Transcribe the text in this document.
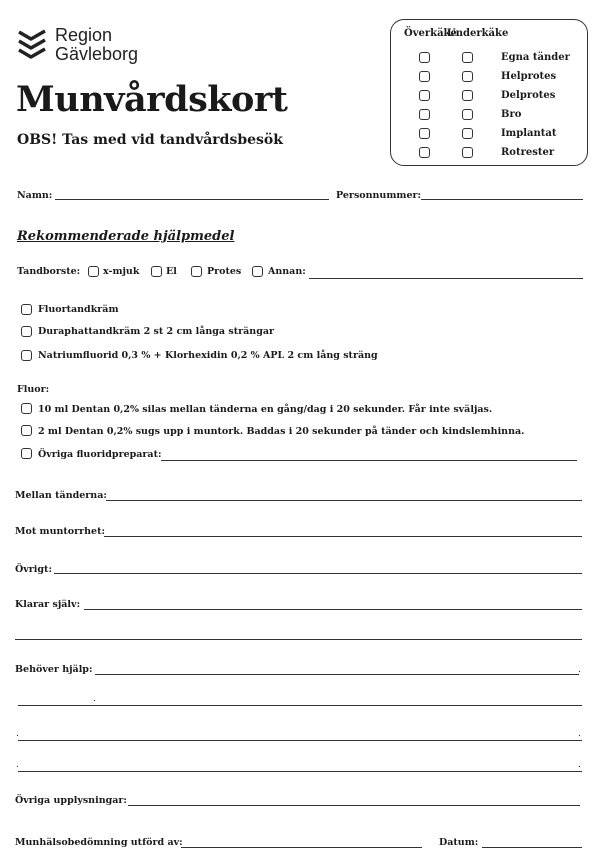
Region
Gävleborg
Munvårdskort
OBS! Tas med vid tandvårdsbesök
Överkäke
Underkäke
Egna tänder
Helprotes
Delprotes
Bro
Implantat
Rotrester
Namn:	Personnummer:
Rekommenderade hjälpmedel
Tandborste: x-mjuk	El	Protes	Annan:
Fluortandkräm
Duraphattandkräm 2 st 2 cm långa strängar
Natriumfluorid 0,3 % + Klorhexidin 0,2 % APL 2 cm lång sträng
Fluor:
10 ml Dentan 0,2% silas mellan tänderna en gång/dag i 20 sekunder. Får inte sväljas.
2 ml Dentan 0,2% sugs upp i muntork. Baddas i 20 sekunder på tänder och kindslemhinna.
Övriga fluoridpreparat:
Mellan tänderna:
Mot muntorrhet:
Övrigt:
Klarar själv:
Behöver hjälp:	.
.
.	.
.	.
Övriga upplysningar:
Munhälsobedömning utförd av:	Datum:
